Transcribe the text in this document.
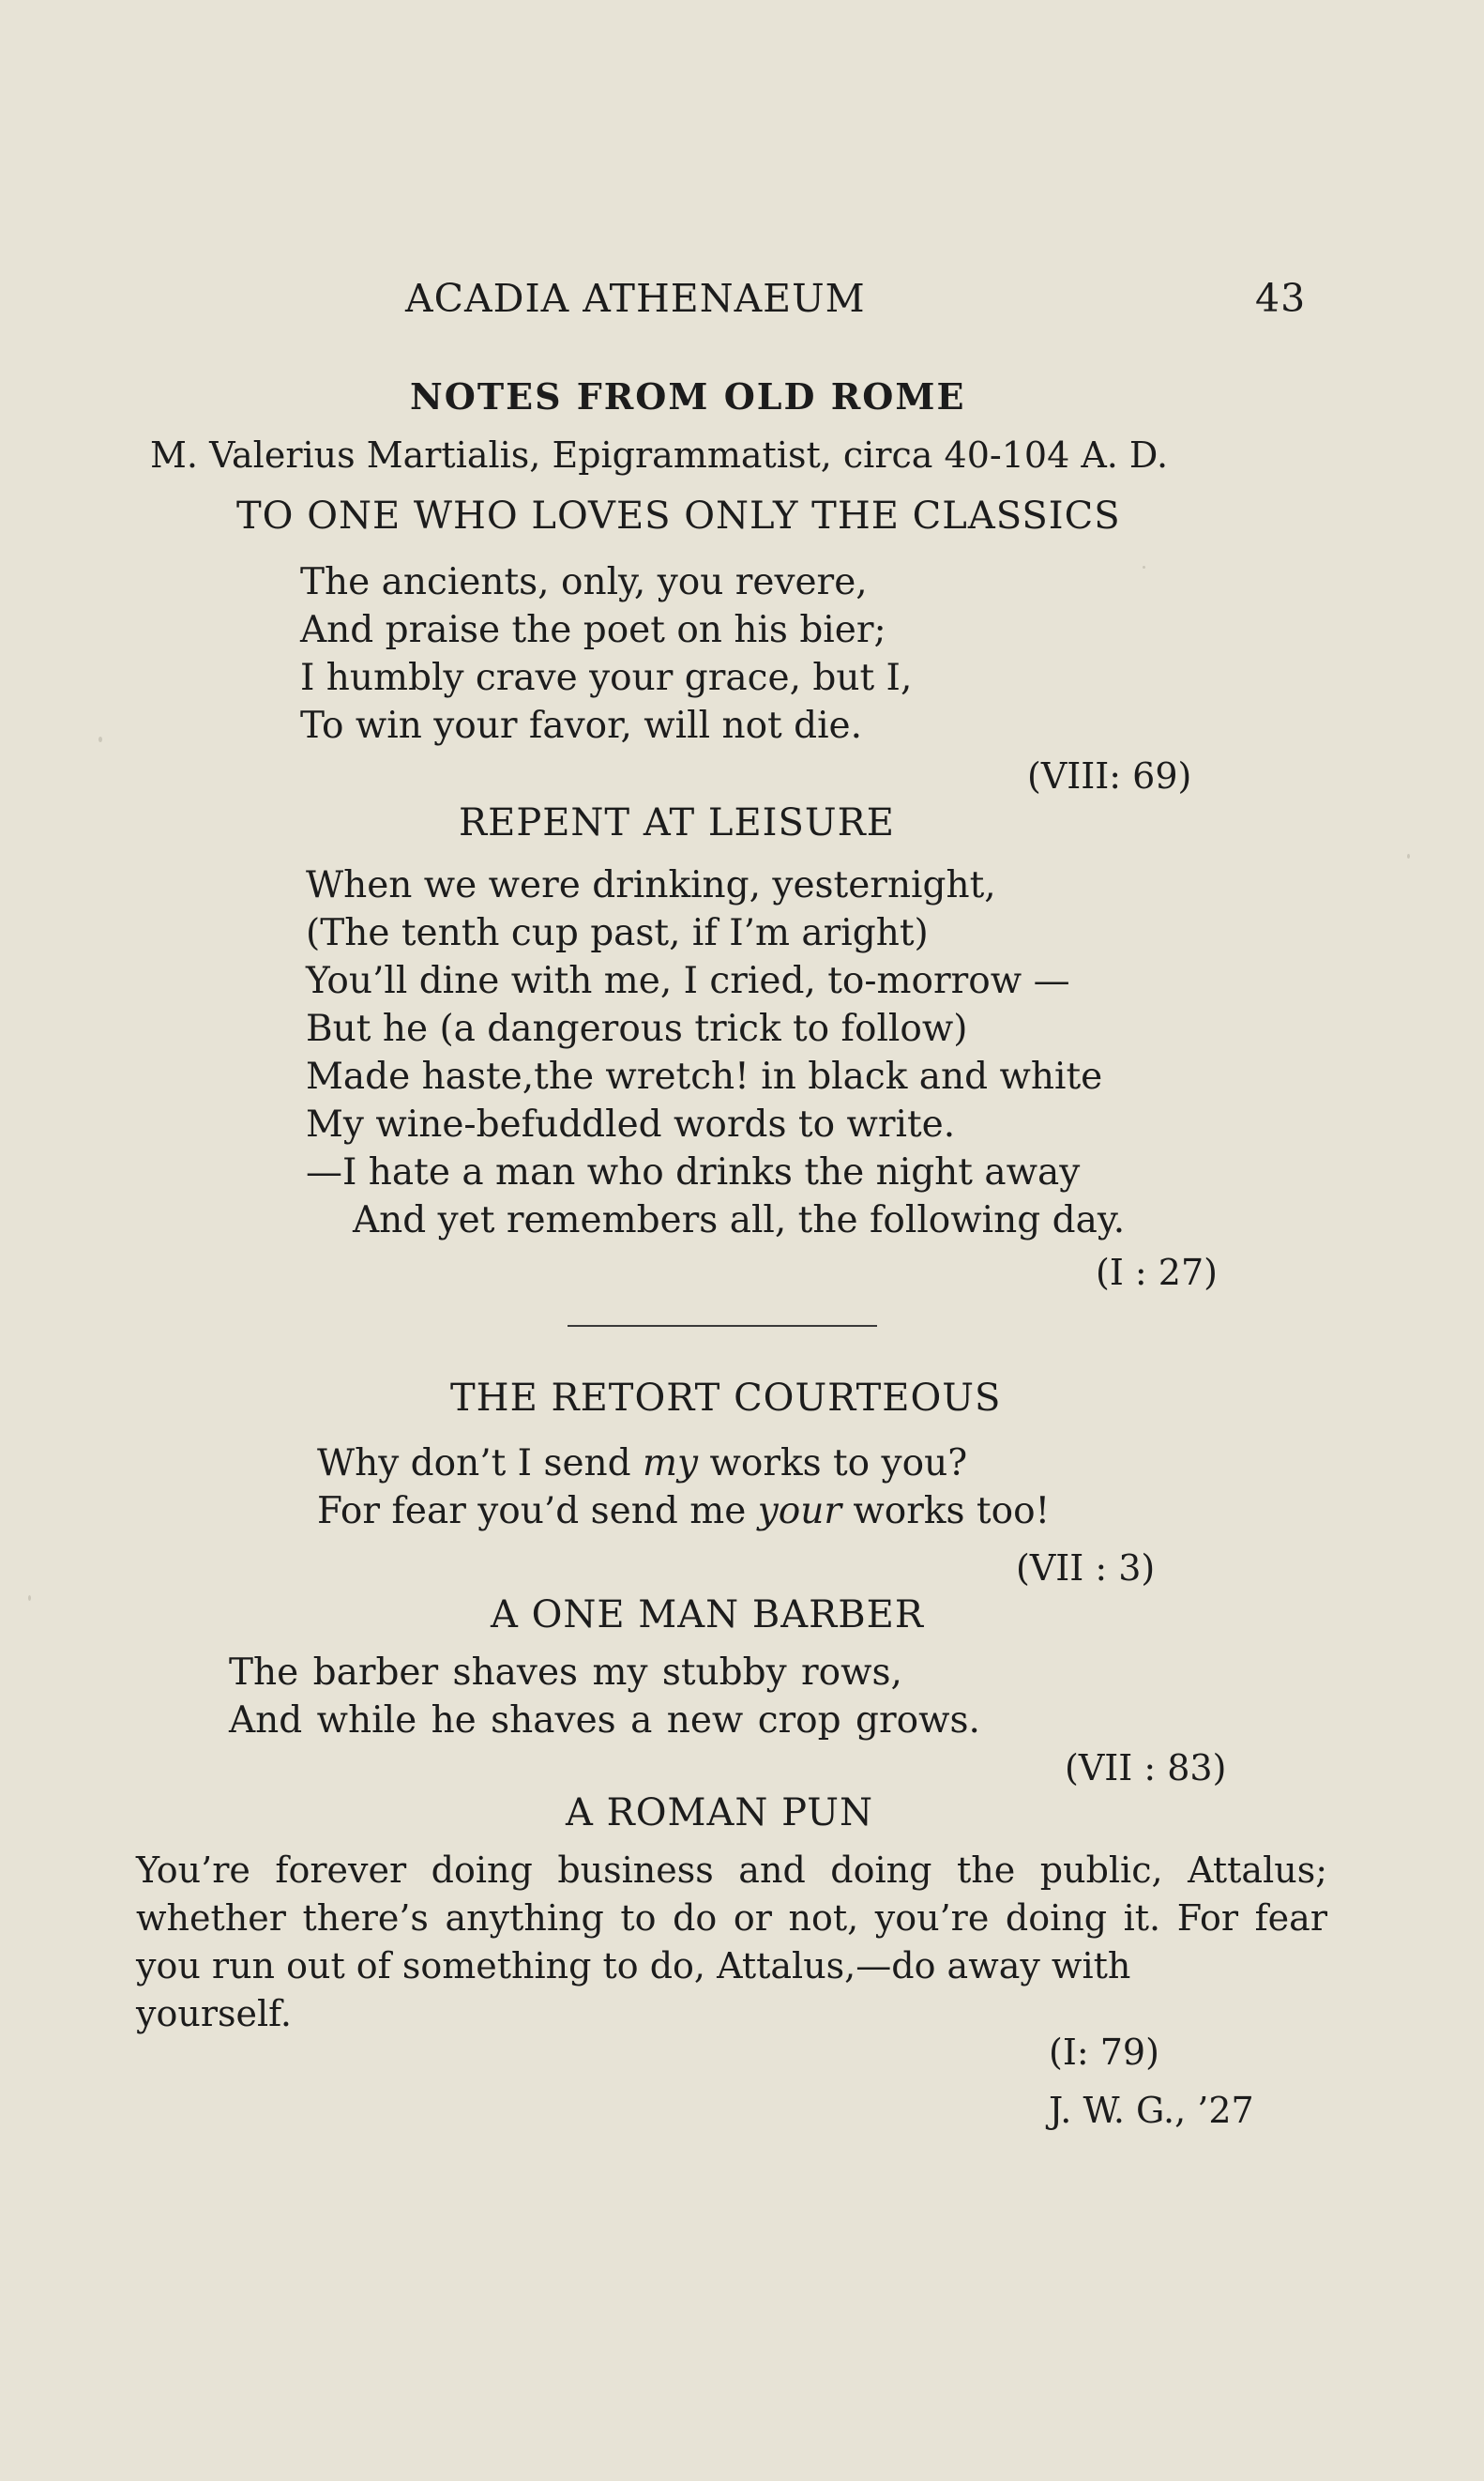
ACADIA ATHENAEUM	43
NOTES FROM OLD ROME
M. Valerius Martialis, Epigrammatist, circa 40-104 A. D.
TO ONE WHO LOVES ONLY THE CLASSICS
The ancients, only, you revere,
And praise the poet on his bier;
I humbly crave your grace, but I,
To win your favor, will not die.
(VIII: 69)
REPENT AT LEISURE
When we were drinking, yesternight,
(The tenth cup past, if I’m aright)
You’ll dine with me, I cried, to-morrow —
But he (a dangerous trick to follow)
Made haste,the wretch! in black and white
My wine-befuddled words to write.
—I hate a man who drinks the night away
And yet remembers all, the following day.
(I : 27)
THE RETORT COURTEOUS
Why don’t I send my works to you?
For fear you’d send me your works too!
(VII : 3)
A ONE MAN BARBER
The barber shaves my stubby rows,
And while he shaves a new crop grows.
(VII : 83)
A ROMAN PUN
You’re forever doing business and doing the public, Attalus; whether there’s anything to do or not, you’re doing it. For fear you run out of something to do, Attalus,—do away with
yourself.
(I: 79)
J. W. G., ’27
